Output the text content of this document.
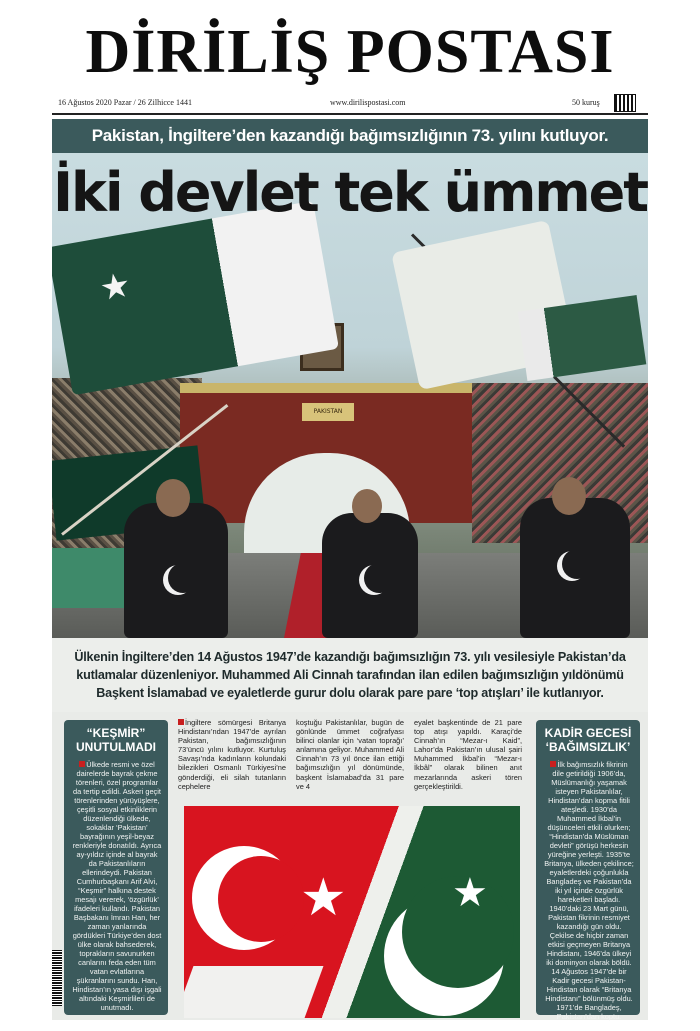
DİRİLİŞ POSTASI
16 Ağustos 2020 Pazar / 26 Zilhicce 1441	www.dirilispostasi.com	50 kuruş
Pakistan, İngiltere’den kazandığı bağımsızlığının 73. yılını kutluyor.
PAKISTAN
★
İki devlet tek ümmet
Ülkenin İngiltere’den 14 Ağustos 1947’de kazandığı bağımsızlığın 73. yılı vesilesiyle Pakistan’da kutlamalar düzenleniyor. Muhammed Ali Cinnah tarafından ilan edilen bağımsızlığın yıldönümü Başkent İslamabad ve eyaletlerde gurur dolu olarak pare pare ‘top atışları’ ile kutlanıyor.
“KEŞMİR” UNUTULMADI
Ülkede resmi ve özel dairelerde bayrak çekme törenleri, özel programlar da tertip edildi. Askeri geçit törenlerinden yürüyüşlere, çeşitli sosyal etkinliklerin düzenlendiği ülkede, sokaklar ‘Pakistan’ bayrağının yeşil-beyaz renkleriyle donatıldı. Ayrıca ay-yıldız içinde al bayrak da Pakistanlıların ellerindeydi. Pakistan Cumhurbaşkanı Arif Alvi, “Keşmir” halkına destek mesajı vererek, ‘özgürlük’ ifadeleri kullandı. Pakistan Başbakanı İmran Han, her zaman yanlarında gördükleri Türkiye’den dost ülke olarak bahsederek, toprakların savunurken canlarını feda eden tüm vatan evlatlarına şükranlarını sundu. Han, Hindistan’ın yasa dışı işgali altındaki Keşmirlileri de unutmadı.
İngiltere sömürgesi Britanya Hindistanı’ndan 1947’de ayrılan Pakistan, bağımsızlığının 73’üncü yılını kutluyor. Kurtuluş Savaşı’nda kadınların kolundaki bilezikleri Osmanlı Türkiyesi’ne gönderdiği, eli silah tutanların cephelere
koştuğu Pakistanlılar, bugün de gönlünde ümmet coğrafyası bilinci olanlar için ‘vatan toprağı’ anlamına geliyor. Muhammed Ali Cinnah’ın 73 yıl önce ilan ettiği bağımsızlığın yıl dönümünde, başkent İslamabad’da 31 pare ve 4
eyalet başkentinde de 21 pare top atışı yapıldı. Karaçi’de Cinnah’ın “Mezar-ı Kaid”, Lahor’da Pakistan’ın ulusal şairi Muhammed İkbal’in “Mezar-ı İkbâl” olarak bilinen anıt mezarlarında askeri tören gerçekleştirildi.
★	★
KADİR GECESİ ‘BAĞIMSIZLIK’
İlk bağımsızlık fikrinin dile getirildiği 1906’da, Müslümanlığı yaşamak isteyen Pakistanlılar, Hindistan’dan kopma fitili ateşledi. 1930’da Muhammed İkbal’in düşünceleri etkili olurken; “Hindistan’da Müslüman devleti” görüşü herkesin yüreğine yerleşti. 1935’te Britanya, ülkeden çekilince; eyaletlerdeki çoğunlukla Bangladeş ve Pakistan’da iki yıl içinde özgürlük hareketleri başladı. 1940’daki 23 Mart günü, Pakistan fikrinin resmiyet kazandığı gün oldu. Çekilse de hiçbir zaman etkisi geçmeyen Britanya Hindistanı, 1946’da ülkeyi iki dominyon olarak böldü. 14 Ağustos 1947’de bir Kadir gecesi Pakistan-Hindistan olarak “Britanya Hindistanı” bölünmüş oldu. 1971’de Bangladeş, Pakistan’dan koptu.
